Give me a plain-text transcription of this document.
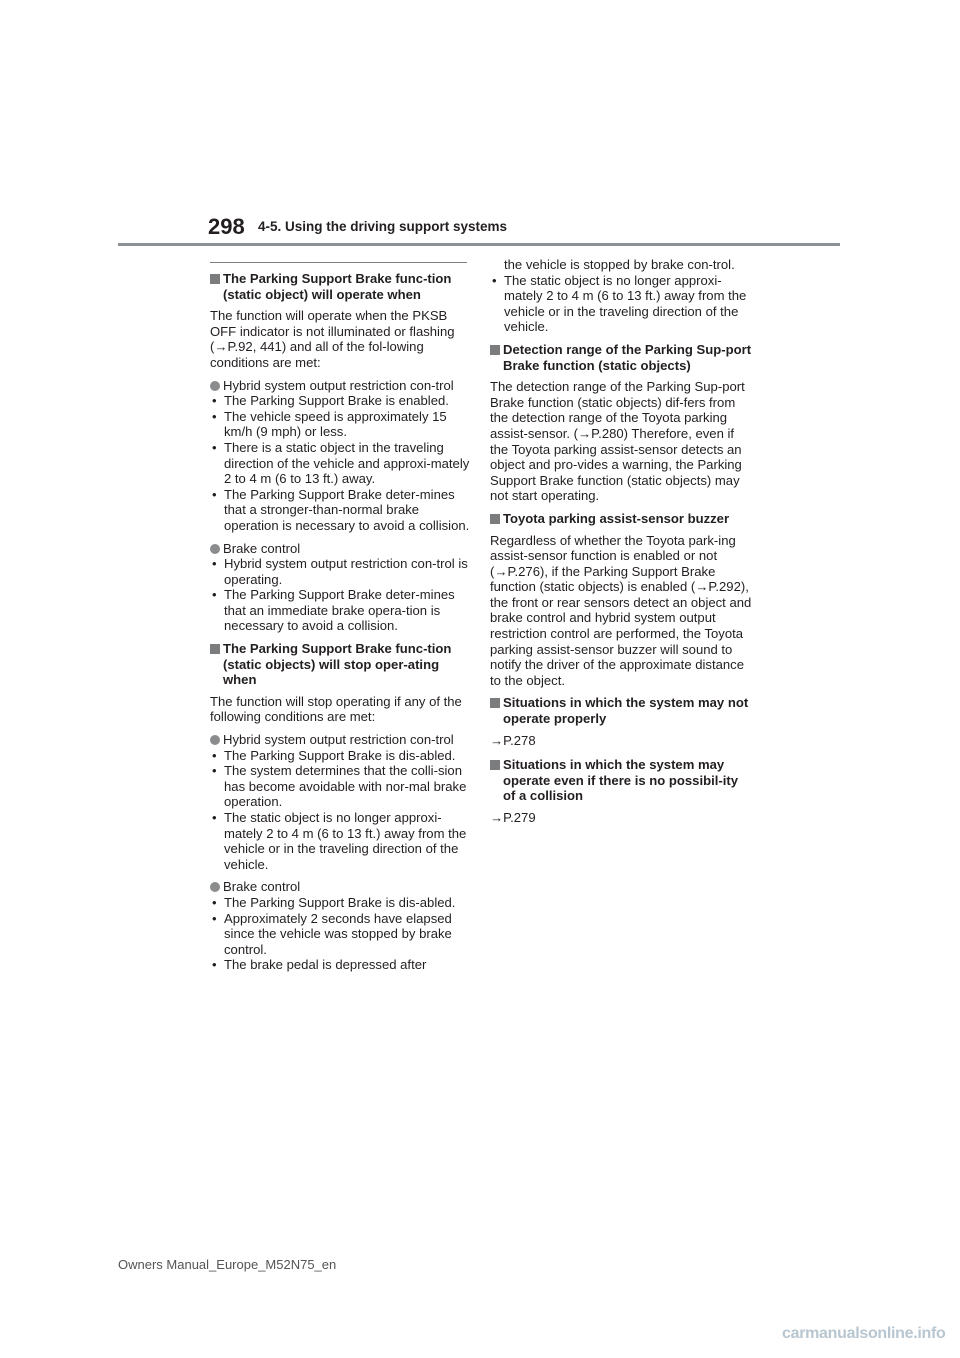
298 4-5. Using the driving support systems
The Parking Support Brake func-tion (static object) will operate when
The function will operate when the PKSB OFF indicator is not illuminated or flashing (→P.92, 441) and all of the fol-lowing conditions are met:
Hybrid system output restriction con-trol
• The Parking Support Brake is enabled.
• The vehicle speed is approximately 15 km/h (9 mph) or less.
• There is a static object in the traveling direction of the vehicle and approxi-mately 2 to 4 m (6 to 13 ft.) away.
• The Parking Support Brake deter-mines that a stronger-than-normal brake operation is necessary to avoid a collision.
Brake control
• Hybrid system output restriction con-trol is operating.
• The Parking Support Brake deter-mines that an immediate brake opera-tion is necessary to avoid a collision.
The Parking Support Brake func-tion (static objects) will stop oper-ating when
The function will stop operating if any of the following conditions are met:
Hybrid system output restriction con-trol
• The Parking Support Brake is dis-abled.
• The system determines that the colli-sion has become avoidable with nor-mal brake operation.
• The static object is no longer approxi-mately 2 to 4 m (6 to 13 ft.) away from the vehicle or in the traveling direction of the vehicle.
Brake control
• The Parking Support Brake is dis-abled.
• Approximately 2 seconds have elapsed since the vehicle was stopped by brake control.
• The brake pedal is depressed after
the vehicle is stopped by brake con-trol.
• The static object is no longer approxi-mately 2 to 4 m (6 to 13 ft.) away from the vehicle or in the traveling direction of the vehicle.
Detection range of the Parking Sup-port Brake function (static objects)
The detection range of the Parking Sup-port Brake function (static objects) dif-fers from the detection range of the Toyota parking assist-sensor. (→P.280) Therefore, even if the Toyota parking assist-sensor detects an object and pro-vides a warning, the Parking Support Brake function (static objects) may not start operating.
Toyota parking assist-sensor buzzer
Regardless of whether the Toyota park-ing assist-sensor function is enabled or not (→P.276), if the Parking Support Brake function (static objects) is enabled (→P.292), the front or rear sensors detect an object and brake control and hybrid system output restriction control are performed, the Toyota parking assist-sensor buzzer will sound to notify the driver of the approximate distance to the object.
Situations in which the system may not operate properly
→P.278
Situations in which the system may operate even if there is no possibil-ity of a collision
→P.279
Owners Manual_Europe_M52N75_en
carmanualsonline.info
